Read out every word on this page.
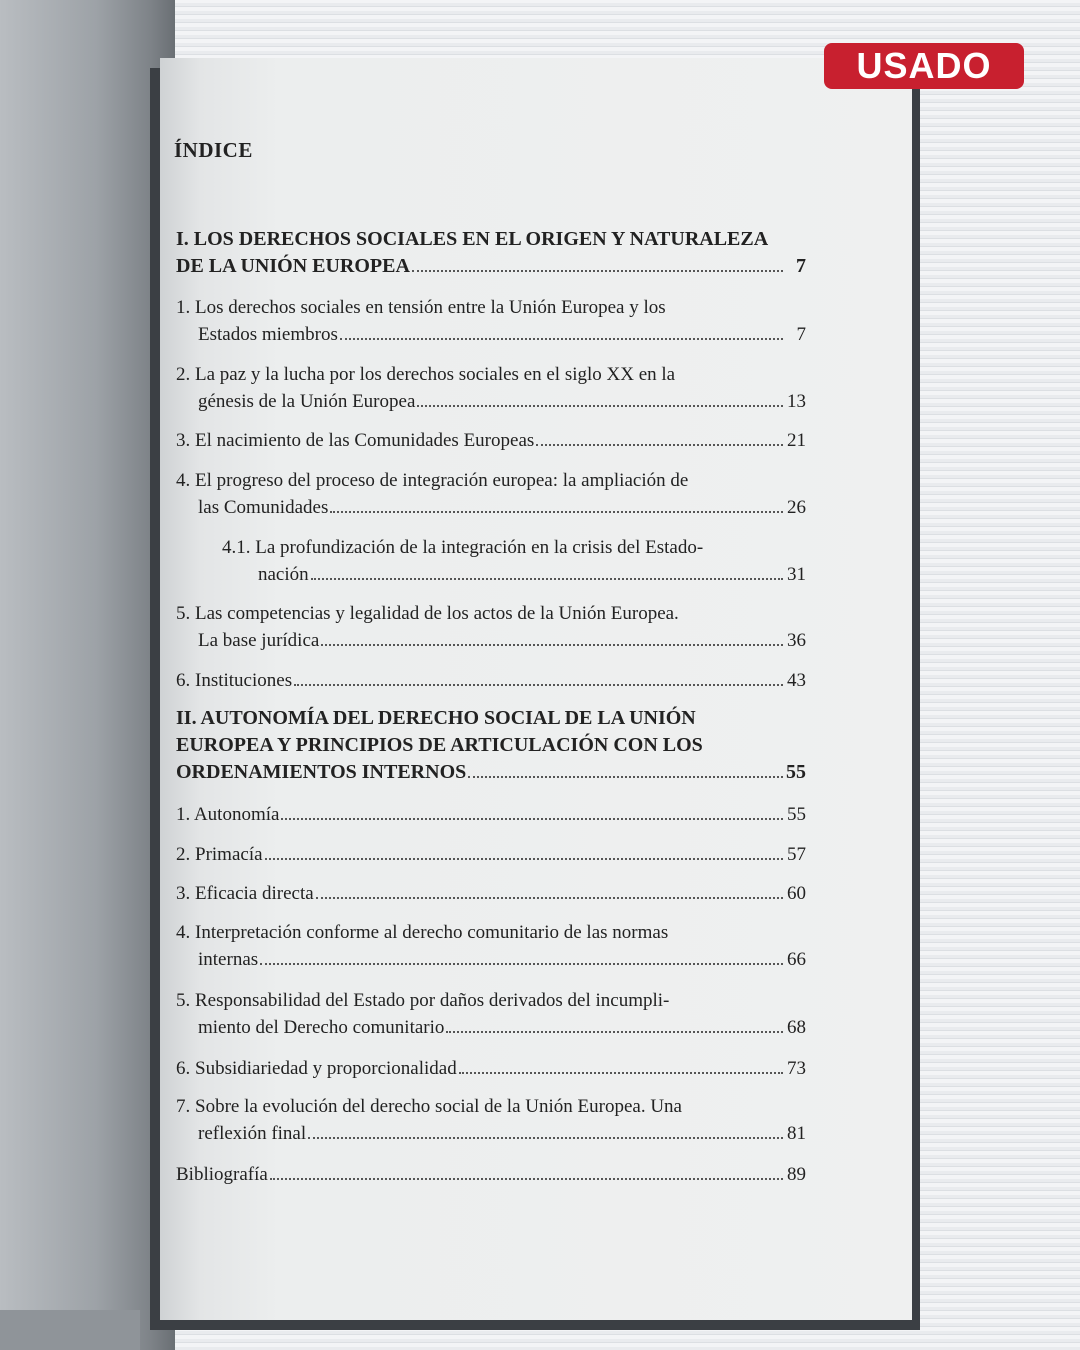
USADO
ÍNDICE
I. LOS DERECHOS SOCIALES EN EL ORIGEN Y NATURALEZA
DE LA UNIÓN EUROPEA	7
1. Los derechos sociales en tensión entre la Unión Europea y los
Estados miembros	7
2. La paz y la lucha por los derechos sociales en el siglo XX en la
génesis de la Unión Europea	13
3. El nacimiento de las Comunidades Europeas	21
4. El progreso del proceso de integración europea: la ampliación de
las Comunidades	26
4.1. La profundización de la integración en la crisis del Estado-
nación	31
5. Las competencias y legalidad de los actos de la Unión Europea.
La base jurídica	36
6. Instituciones	43
II. AUTONOMÍA DEL DERECHO SOCIAL DE LA UNIÓN
EUROPEA Y PRINCIPIOS DE ARTICULACIÓN CON LOS
ORDENAMIENTOS INTERNOS	55
1. Autonomía	55
2. Primacía	57
3. Eficacia directa	60
4. Interpretación conforme al derecho comunitario de las normas
internas	66
5. Responsabilidad del Estado por daños derivados del incumpli-
miento del Derecho comunitario	68
6. Subsidiariedad y proporcionalidad	73
7. Sobre la evolución del derecho social de la Unión Europea. Una
reflexión final	81
Bibliografía	89
